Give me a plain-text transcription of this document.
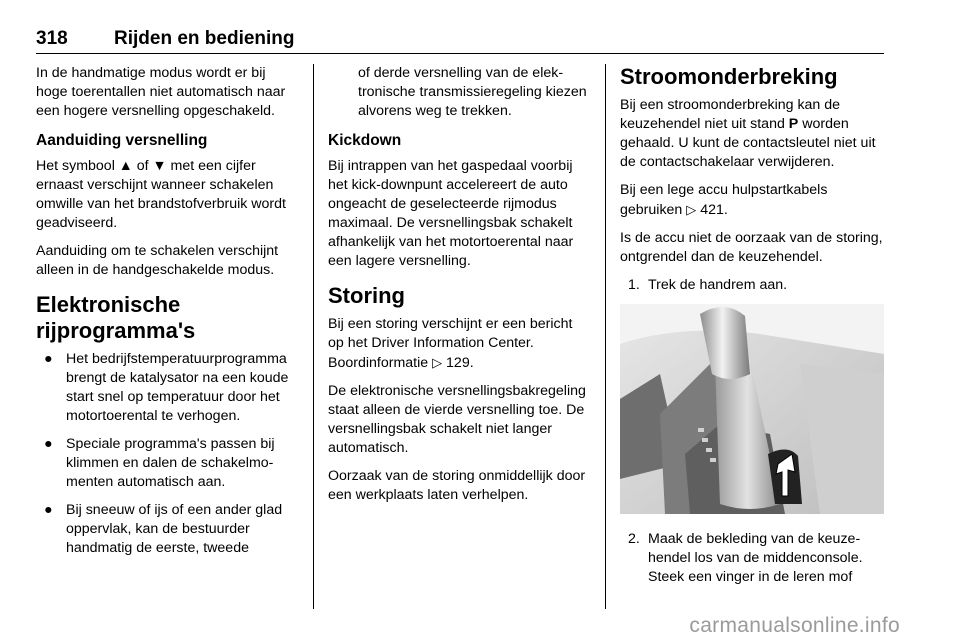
318 Rijden en bediening

In de handmatige modus wordt er bij hoge toerentallen niet automatisch naar een hogere versnelling opgeschakeld.

Aanduiding versnelling

Het symbool ▲ of ▼ met een cijfer ernaast verschijnt wanneer schakelen omwille van het brandstofverbruik wordt geadviseerd.

Aanduiding om te schakelen verschijnt alleen in de handgeschakelde modus.

Elektronische
rijprogramma's
● Het bedrijfstemperatuurprogramma brengt de katalysator na een koude start snel op temperatuur door het motortoerental te verhogen.
● Speciale programma's passen bij klimmen en dalen de schakelmomenten automatisch aan.
● Bij sneeuw of ijs of een ander glad oppervlak, kan de bestuurder handmatig de eerste, tweede

of derde versnelling van de elektronische transmissieregeling kiezen alvorens weg te trekken.

Kickdown

Bij intrappen van het gaspedaal voorbij het kick-downpunt accelereert de auto ongeacht de geselecteerde rijmodus maximaal. De versnellingsbak schakelt afhankelijk van het motortoerental naar een lagere versnelling.

Storing

Bij een storing verschijnt er een bericht op het Driver Information Center. Boordinformatie ▷ 129.

De elektronische versnellingsbakregeling staat alleen de vierde versnelling toe. De versnellingsbak schakelt niet langer automatisch.

Oorzaak van de storing onmiddellijk door een werkplaats laten verhelpen.

Stroomonderbreking

Bij een stroomonderbreking kan de keuzehendel niet uit stand P worden gehaald. U kunt de contactsleutel niet uit de contactschakelaar verwijderen.

Bij een lege accu hulpstartkabels gebruiken ▷ 421.

Is de accu niet de oorzaak van de storing, ontgrendel dan de keuzehendel.

1. Trek de handrem aan.
2. Maak de bekleding van de keuzehendel los van de middenconsole. Steek een vinger in de leren mof
carmanualsonline.info
